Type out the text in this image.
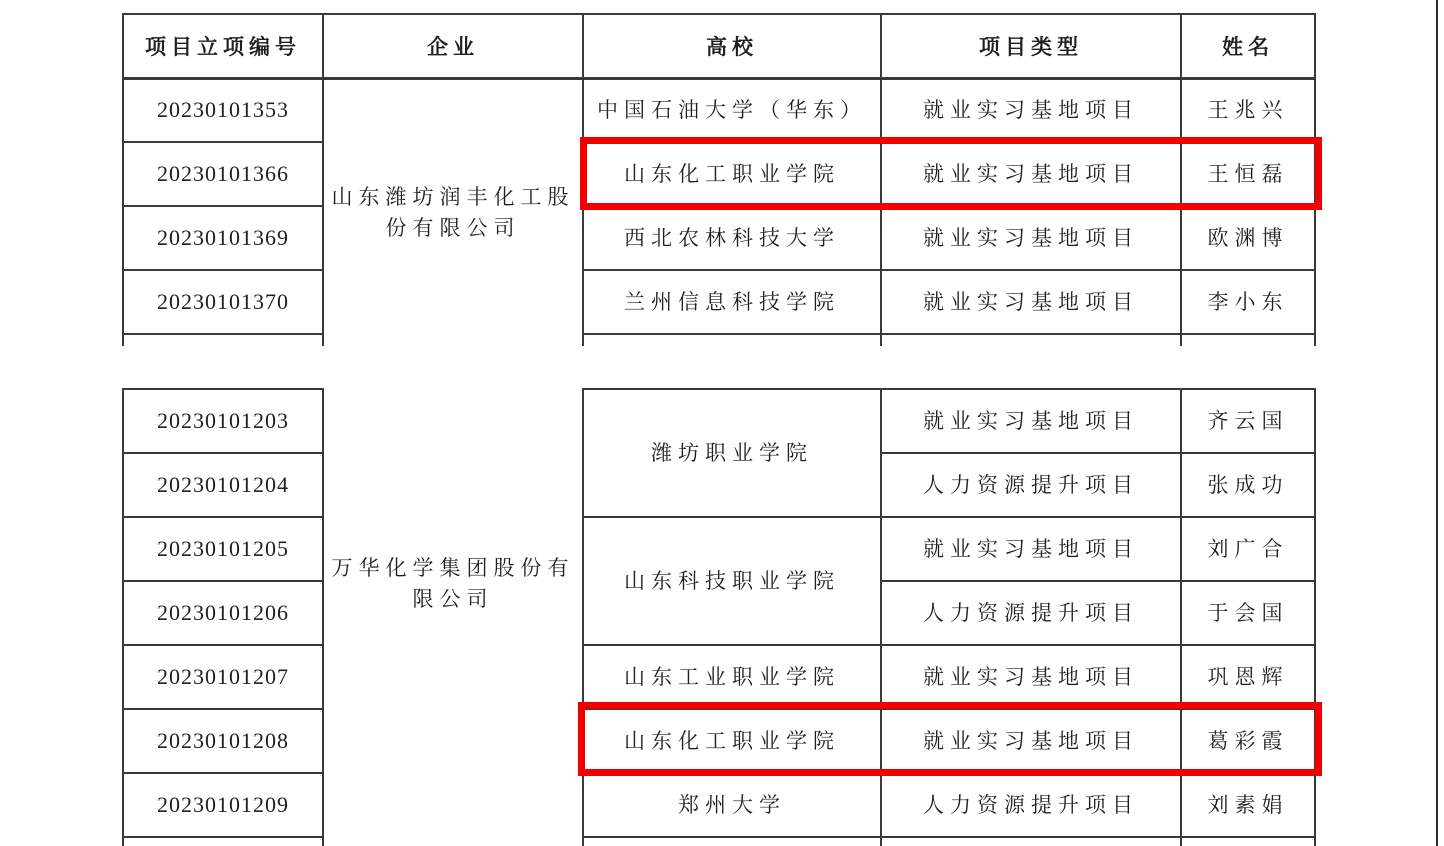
项目立项编号	企业	高校	项目类型	姓名
20230101353	山东潍坊润丰化工股份有限公司	中国石油大学（华东）	就业实习基地项目	王兆兴
20230101366		山东化工职业学院	就业实习基地项目	王恒磊
20230101369		西北农林科技大学	就业实习基地项目	欧渊博
20230101370		兰州信息科技学院	就业实习基地项目	李小东

20230101203	万华化学集团股份有限公司	潍坊职业学院	就业实习基地项目	齐云国
20230101204			人力资源提升项目	张成功
20230101205		山东科技职业学院	就业实习基地项目	刘广合
20230101206			人力资源提升项目	于会国
20230101207		山东工业职业学院	就业实习基地项目	巩恩辉
20230101208		山东化工职业学院	就业实习基地项目	葛彩霞
20230101209		郑州大学	人力资源提升项目	刘素娟
